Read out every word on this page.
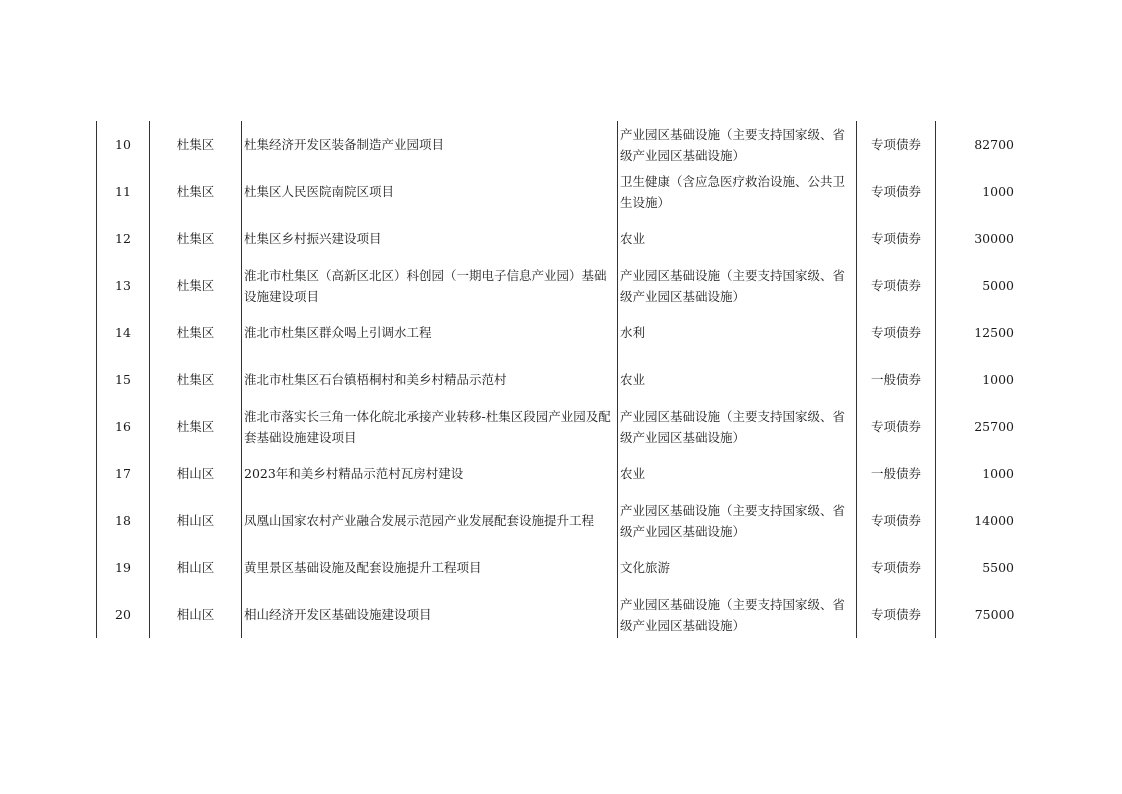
10	杜集区	杜集经济开发区装备制造产业园项目	产业园区基础设施（主要支持国家级、省级产业园区基础设施）	专项债券	82700

11	杜集区	杜集区人民医院南院区项目	卫生健康（含应急医疗救治设施、公共卫生设施）	专项债券	1000

12	杜集区	杜集区乡村振兴建设项目	农业	专项债券	30000

13	杜集区	淮北市杜集区（高新区北区）科创园（一期电子信息产业园）基础设施建设项目	产业园区基础设施（主要支持国家级、省级产业园区基础设施）	专项债券	5000

14	杜集区	淮北市杜集区群众喝上引调水工程	水利	专项债券	12500

15	杜集区	淮北市杜集区石台镇梧桐村和美乡村精品示范村	农业	一般债券	1000

16	杜集区	淮北市落实长三角一体化皖北承接产业转移-杜集区段园产业园及配套基础设施建设项目	产业园区基础设施（主要支持国家级、省级产业园区基础设施）	专项债券	25700

17	相山区	2023年和美乡村精品示范村瓦房村建设	农业	一般债券	1000

18	相山区	凤凰山国家农村产业融合发展示范园产业发展配套设施提升工程	产业园区基础设施（主要支持国家级、省级产业园区基础设施）	专项债券	14000

19	相山区	黄里景区基础设施及配套设施提升工程项目	文化旅游	专项债券	5500

20	相山区	相山经济开发区基础设施建设项目	产业园区基础设施（主要支持国家级、省级产业园区基础设施）	专项债券	75000
